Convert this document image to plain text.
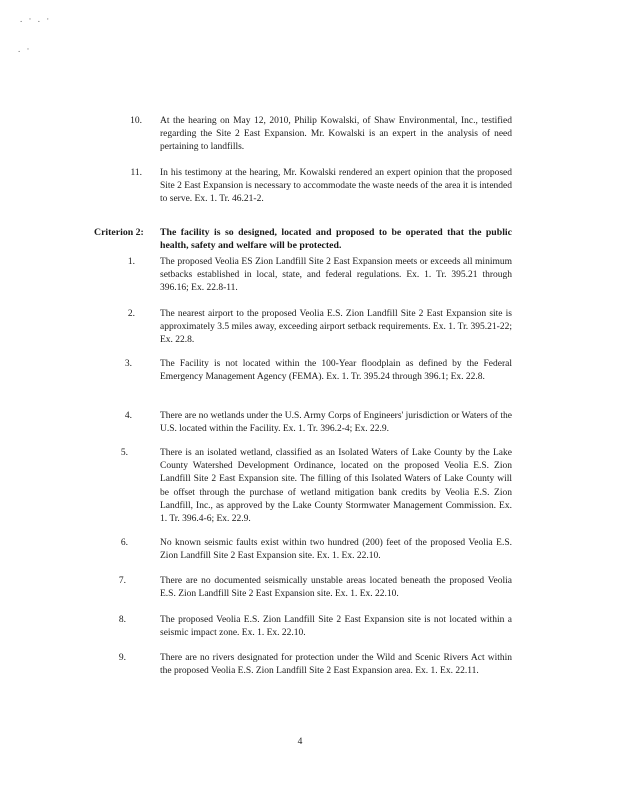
. · . ·
. ·
10. At the hearing on May 12, 2010, Philip Kowalski, of Shaw Environmental, Inc., testified regarding the Site 2 East Expansion. Mr. Kowalski is an expert in the analysis of need pertaining to landfills.
11. In his testimony at the hearing, Mr. Kowalski rendered an expert opinion that the proposed Site 2 East Expansion is necessary to accommodate the waste needs of the area it is intended to serve. Ex. 1. Tr. 46.21-2.
Criterion 2: The facility is so designed, located and proposed to be operated that the public health, safety and welfare will be protected.
1.	The proposed Veolia ES Zion Landfill Site 2 East Expansion meets or exceeds all minimum setbacks established in local, state, and federal regulations. Ex. 1. Tr. 395.21 through 396.16; Ex. 22.8-11.
2.	The nearest airport to the proposed Veolia E.S. Zion Landfill Site 2 East Expansion site is approximately 3.5 miles away, exceeding airport setback requirements. Ex. 1. Tr. 395.21-22; Ex. 22.8.
3.	The Facility is not located within the 100-Year floodplain as defined by the Federal Emergency Management Agency (FEMA). Ex. 1. Tr. 395.24 through 396.1; Ex. 22.8.
4.	There are no wetlands under the U.S. Army Corps of Engineers' jurisdiction or Waters of the U.S. located within the Facility. Ex. 1. Tr. 396.2-4; Ex. 22.9.
5.	There is an isolated wetland, classified as an Isolated Waters of Lake County by the Lake County Watershed Development Ordinance, located on the proposed Veolia E.S. Zion Landfill Site 2 East Expansion site. The filling of this Isolated Waters of Lake County will be offset through the purchase of wetland mitigation bank credits by Veolia E.S. Zion Landfill, Inc., as approved by the Lake County Stormwater Management Commission. Ex. 1. Tr. 396.4-6; Ex. 22.9.
6.	No known seismic faults exist within two hundred (200) feet of the proposed Veolia E.S. Zion Landfill Site 2 East Expansion site. Ex. 1. Ex. 22.10.
7.	There are no documented seismically unstable areas located beneath the proposed Veolia E.S. Zion Landfill Site 2 East Expansion site. Ex. 1. Ex. 22.10.
8.	The proposed Veolia E.S. Zion Landfill Site 2 East Expansion site is not located within a seismic impact zone. Ex. 1. Ex. 22.10.
9.	There are no rivers designated for protection under the Wild and Scenic Rivers Act within the proposed Veolia E.S. Zion Landfill Site 2 East Expansion area. Ex. 1. Ex. 22.11.
4
